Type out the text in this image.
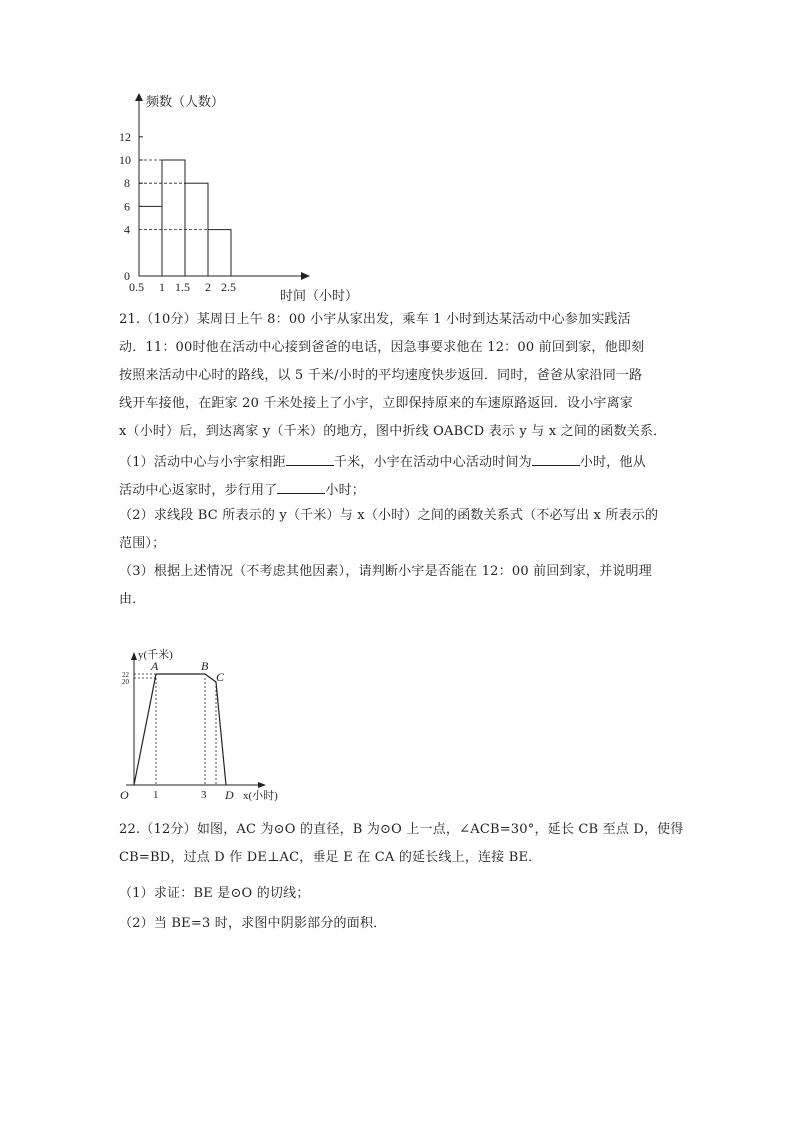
频数（人数）
时间（小时）
0
4
6
8
10
12
0.5 1 1.5 2 2.5
21.（10分）某周日上午 8：00 小宇从家出发，乘车 1 小时到达某活动中心参加实践活
动．11：00时他在活动中心接到爸爸的电话，因急事要求他在 12：00 前回到家，他即刻
按照来活动中心时的路线，以 5 千米/小时的平均速度快步返回．同时，爸爸从家沿同一路
线开车接他，在距家 20 千米处接上了小宇，立即保持原来的车速原路返回．设小宇离家
x（小时）后，到达离家 y（千米）的地方，图中折线 OABCD 表示 y 与 x 之间的函数关系．
（1）活动中心与小宇家相距	千米，小宇在活动中心活动时间为	小时，他从
活动中心返家时，步行用了	小时；
（2）求线段 BC 所表示的 y（千米）与 x（小时）之间的函数关系式（不必写出 x 所表示的
范围）；
（3）根据上述情况（不考虑其他因素），请判断小宇是否能在 12：00 前回到家，并说明理
由．
y(千米)
x(小时)
22
20
O 1	3
A	B
C
D
22.（12分）如图，AC 为⊙O 的直径，B 为⊙O 上一点，∠ACB=30°，延长 CB 至点 D，使得
CB=BD，过点 D 作 DE⊥AC，垂足 E 在 CA 的延长线上，连接 BE．
（1）求证：BE 是⊙O 的切线；
（2）当 BE=3 时，求图中阴影部分的面积．
